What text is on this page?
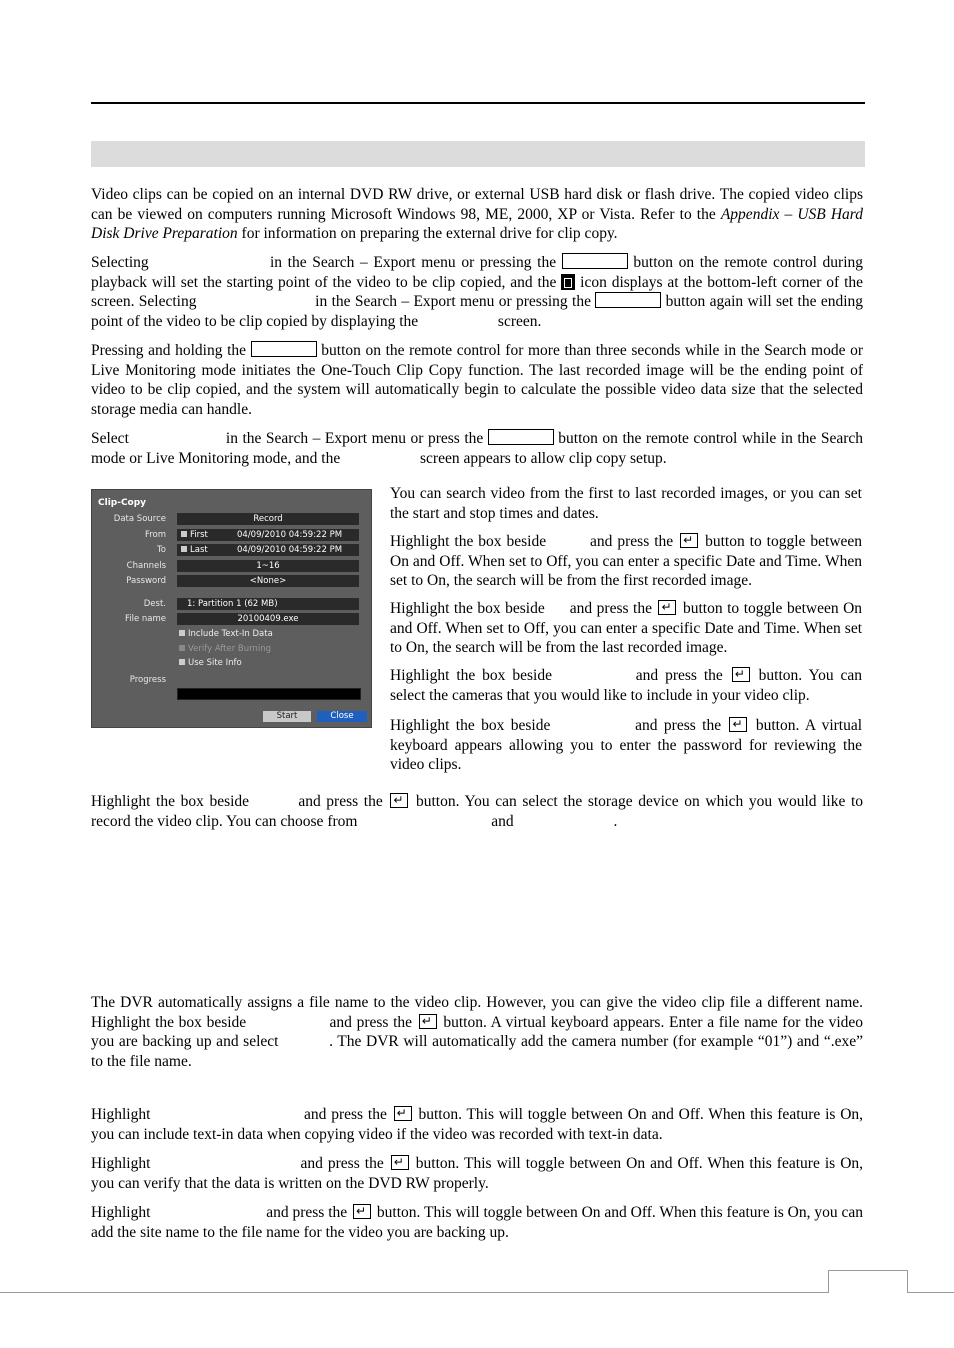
Video clips can be copied on an internal DVD RW drive, or external USB hard disk or flash drive. The copied video clips can be viewed on computers running Microsoft Windows 98, ME, 2000, XP or Vista. Refer to the Appendix – USB Hard Disk Drive Preparation for information on preparing the external drive for clip copy.
Selecting	in the Search – Export menu or pressing the	button on the remote control during playback will set the starting point of the video to be clip copied, and the icon displays at the bottom-left corner of the screen. Selecting	in the Search – Export menu or pressing the	button again will set the ending point of the video to be clip copied by displaying the	screen.
Pressing and holding the	button on the remote control for more than three seconds while in the Search mode or Live Monitoring mode initiates the One-Touch Clip Copy function. The last recorded image will be the ending point of video to be clip copied, and the system will automatically begin to calculate the possible video data size that the selected storage media can handle.
Select	in the Search – Export menu or press the	button on the remote control while in the Search mode or Live Monitoring mode, and the	screen appears to allow clip copy setup.
Clip-Copy
Data Source	Record
From	First	04/09/2010 04:59:22 PM
To	Last	04/09/2010 04:59:22 PM
Channels	1~16
Password	<None>
Dest.	1: Partition 1 (62 MB)
File name	20100409.exe
Include Text-In Data
Verify After Burning
Use Site Info
Progress
Start	Close
You can search video from the first to last recorded images, or you can set the start and stop times and dates.
Highlight the box beside	and press the ↵ button to toggle between On and Off. When set to Off, you can enter a specific Date and Time. When set to On, the search will be from the first recorded image.
Highlight the box beside and press the ↵ button to toggle between On and Off. When set to Off, you can enter a specific Date and Time. When set to On, the search will be from the last recorded image.
Highlight the box beside	and press the ↵ button. You can select the cameras that you would like to include in your video clip.
Highlight the box beside	and press the ↵ button. A virtual keyboard appears allowing you to enter the password for reviewing the video clips.
Highlight the box beside	and press the ↵ button. You can select the storage device on which you would like to record the video clip. You can choose from	and	.
The DVR automatically assigns a file name to the video clip. However, you can give the video clip file a different name. Highlight the box beside	and press the ↵ button. A virtual keyboard appears. Enter a file name for the video you are backing up and select	. The DVR will automatically add the camera number (for example “01”) and “.exe” to the file name.
Highlight	and press the ↵ button. This will toggle between On and Off. When this feature is On, you can include text-in data when copying video if the video was recorded with text-in data.
Highlight	and press the ↵ button. This will toggle between On and Off. When this feature is On, you can verify that the data is written on the DVD RW properly.
Highlight	and press the ↵ button. This will toggle between On and Off. When this feature is On, you can add the site name to the file name for the video you are backing up.
